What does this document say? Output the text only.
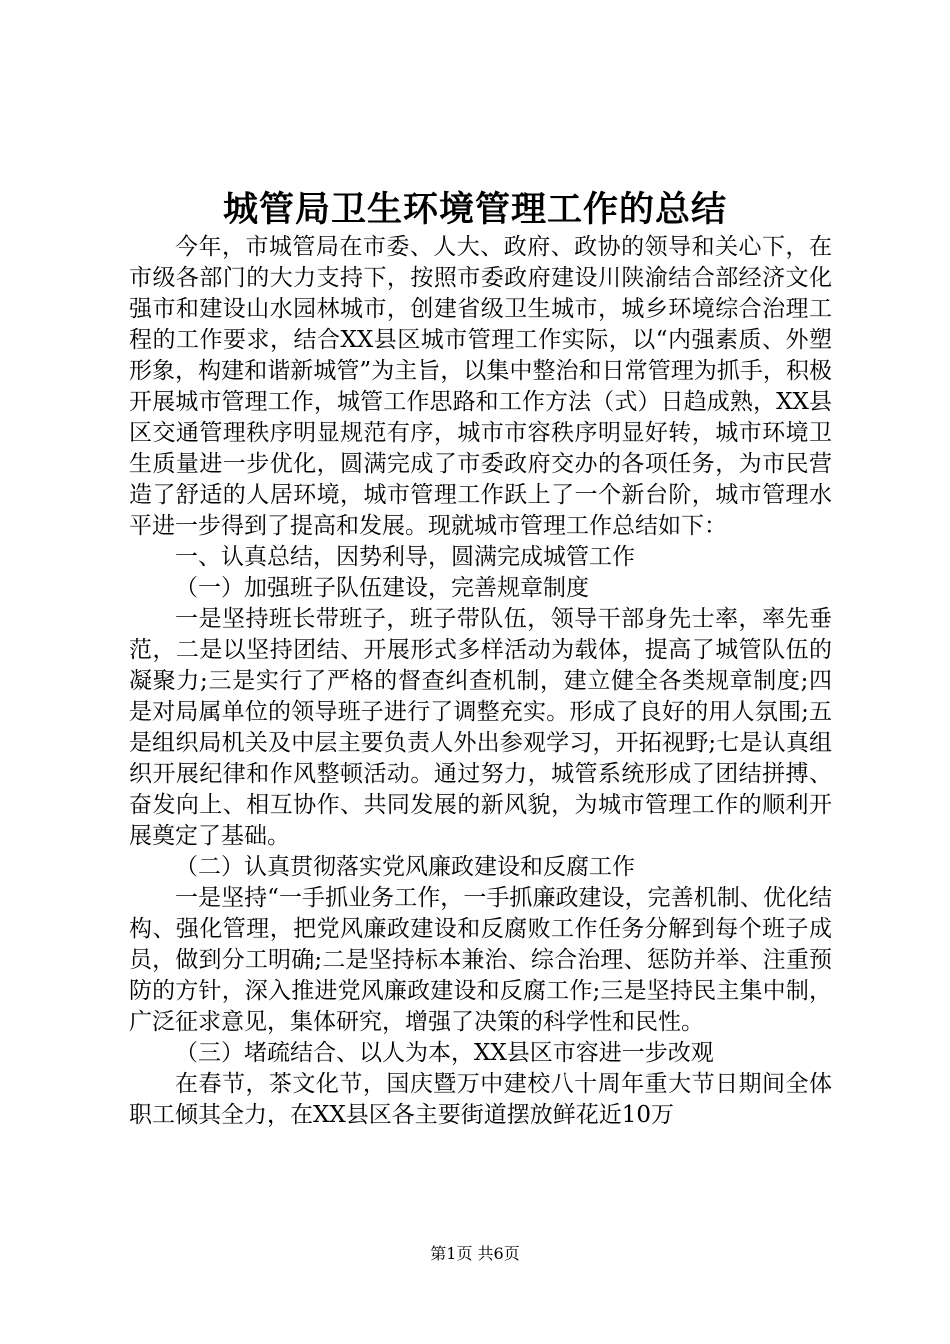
城管局卫生环境管理工作的总结

今年，市城管局在市委、人大、政府、政协的领导和关心下，在市级各部门的大力支持下，按照市委政府建设川陕渝结合部经济文化强市和建设山水园林城市，创建省级卫生城市，城乡环境综合治理工程的工作要求，结合XX县区城市管理工作实际，以“内强素质、外塑形象，构建和谐新城管”为主旨，以集中整治和日常管理为抓手，积极开展城市管理工作，城管工作思路和工作方法（式）日趋成熟，XX县区交通管理秩序明显规范有序，城市市容秩序明显好转，城市环境卫生质量进一步优化，圆满完成了市委政府交办的各项任务，为市民营造了舒适的人居环境，城市管理工作跃上了一个新台阶，城市管理水平进一步得到了提高和发展。现就城市管理工作总结如下：

一、认真总结，因势利导，圆满完成城管工作

（一）加强班子队伍建设，完善规章制度

一是坚持班长带班子，班子带队伍，领导干部身先士率，率先垂范，二是以坚持团结、开展形式多样活动为载体，提高了城管队伍的凝聚力;三是实行了严格的督查纠查机制，建立健全各类规章制度;四是对局属单位的领导班子进行了调整充实。形成了良好的用人氛围;五是组织局机关及中层主要负责人外出参观学习，开拓视野;七是认真组织开展纪律和作风整顿活动。通过努力，城管系统形成了团结拼搏、奋发向上、相互协作、共同发展的新风貌，为城市管理工作的顺利开展奠定了基础。

（二）认真贯彻落实党风廉政建设和反腐工作

一是坚持“一手抓业务工作，一手抓廉政建设，完善机制、优化结构、强化管理，把党风廉政建设和反腐败工作任务分解到每个班子成员，做到分工明确;二是坚持标本兼治、综合治理、惩防并举、注重预防的方针，深入推进党风廉政建设和反腐工作;三是坚持民主集中制，广泛征求意见，集体研究，增强了决策的科学性和民性。

（三）堵疏结合、以人为本，XX县区市容进一步改观

在春节，茶文化节，国庆暨万中建校八十周年重大节日期间全体职工倾其全力，在XX县区各主要街道摆放鲜花近10万

第1页 共6页
